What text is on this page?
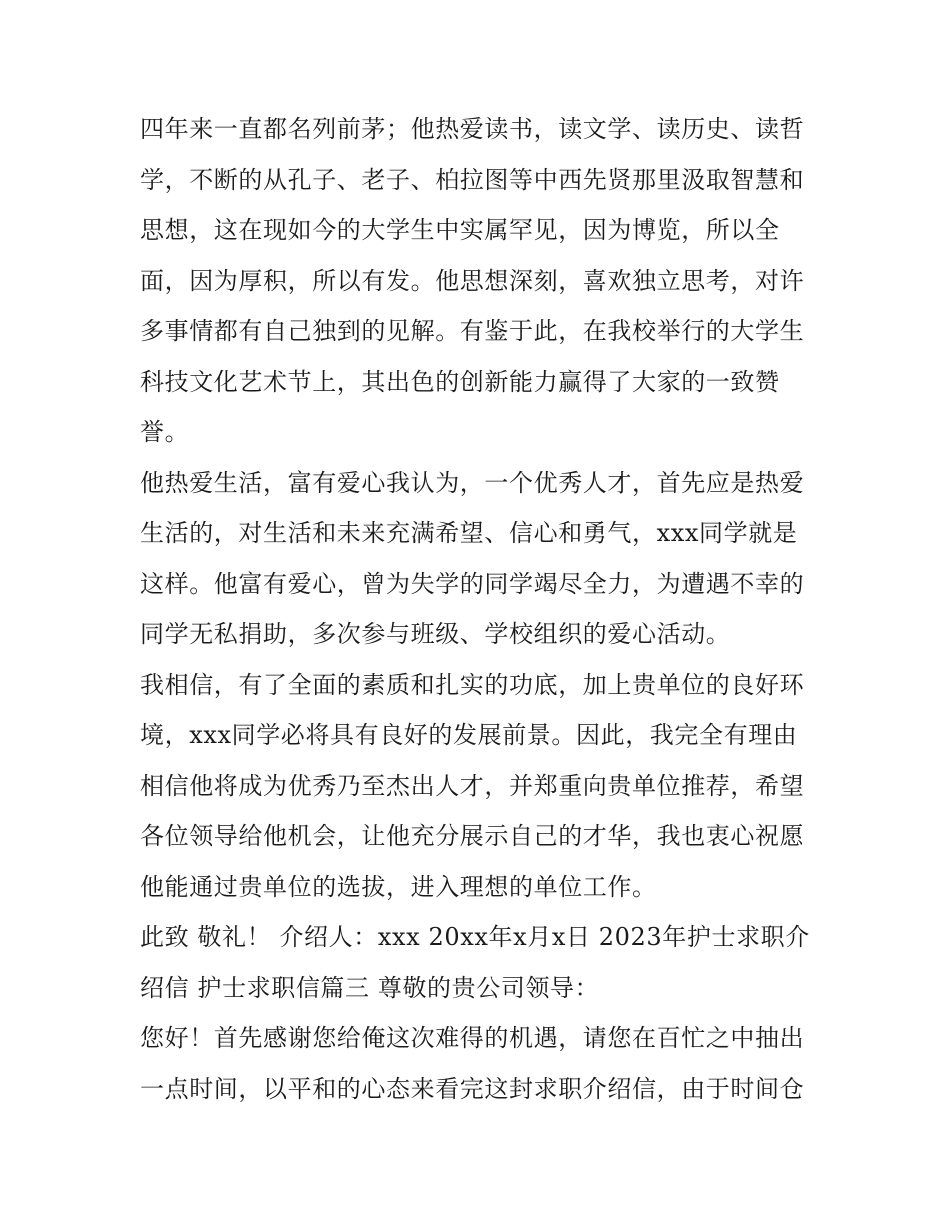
四年来一直都名列前茅；他热爱读书，读文学、读历史、读哲学，不断的从孔子、老子、柏拉图等中西先贤那里汲取智慧和思想，这在现如今的大学生中实属罕见，因为博览，所以全面，因为厚积，所以有发。他思想深刻，喜欢独立思考，对许多事情都有自己独到的见解。有鉴于此，在我校举行的大学生科技文化艺术节上，其出色的创新能力赢得了大家的一致赞誉。

他热爱生活，富有爱心我认为，一个优秀人才，首先应是热爱生活的，对生活和未来充满希望、信心和勇气，xxx同学就是这样。他富有爱心，曾为失学的同学竭尽全力，为遭遇不幸的同学无私捐助，多次参与班级、学校组织的爱心活动。

我相信，有了全面的素质和扎实的功底，加上贵单位的良好环境，xxx同学必将具有良好的发展前景。因此，我完全有理由相信他将成为优秀乃至杰出人才，并郑重向贵单位推荐，希望各位领导给他机会，让他充分展示自己的才华，我也衷心祝愿他能通过贵单位的选拔，进入理想的单位工作。

此致 敬礼！ 介绍人：xxx 20xx年x月x日 2023年护士求职介绍信 护士求职信篇三 尊敬的贵公司领导：

您好！首先感谢您给俺这次难得的机遇，请您在百忙之中抽出一点时间，以平和的心态来看完这封求职介绍信，由于时间仓
